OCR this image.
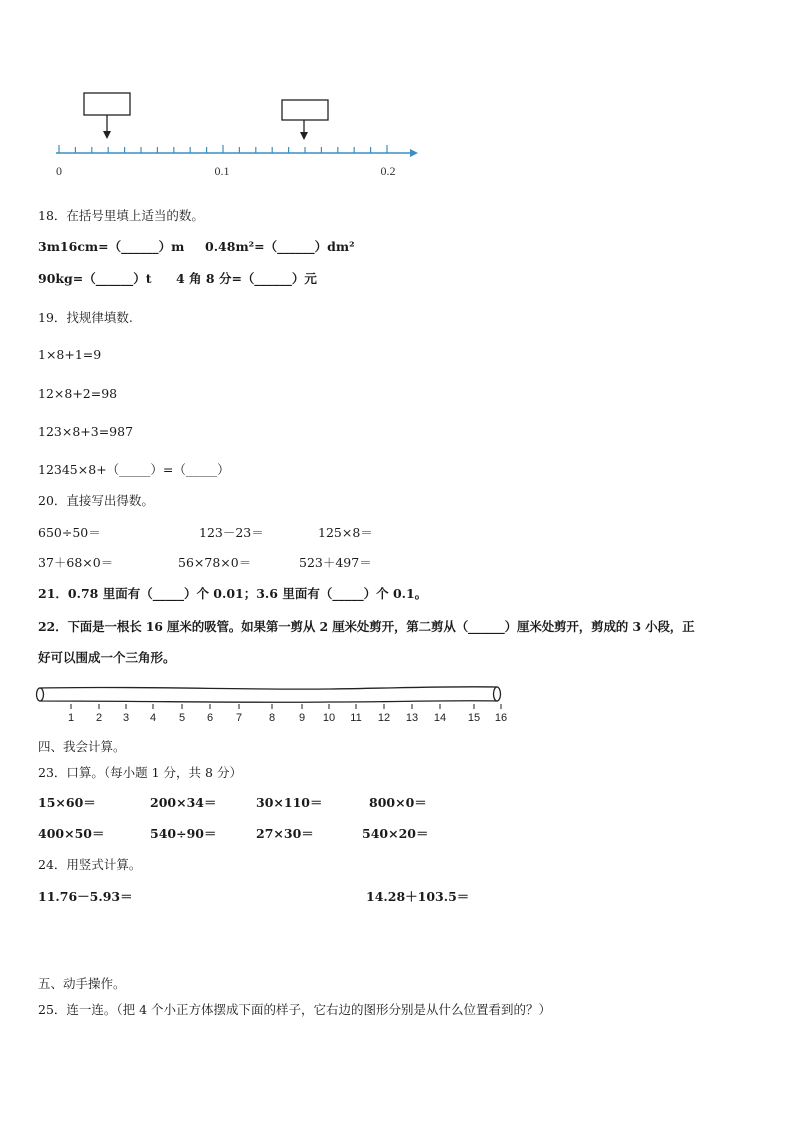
0	0.1	0.2
18．在括号里填上适当的数。
3m16cm=（______）m 0.48m²=（______）dm²
90kg=（______）t 4 角 8 分=（______）元
19．找规律填数.
1×8+1=9
12×8+2=98
123×8+3=987
12345×8+（_____）=（_____）
20．直接写出得数。
650÷50＝	123－23＝	125×8＝
37＋68×0＝	56×78×0＝	523＋497＝
21．0.78 里面有（_____）个 0.01；3.6 里面有（_____）个 0.1。
22．下面是一根长 16 厘米的吸管。如果第一剪从 2 厘米处剪开，第二剪从（______）厘米处剪开，剪成的 3 小段，正
好可以围成一个三角形。
1 2 3 4 5 6 7 8 9 10 11 12 13 14 15 16
四、我会计算。
23．口算。（每小题 1 分，共 8 分）
15×60＝	200×34＝	30×110＝	800×0＝
400×50＝	540÷90＝	27×30＝	540×20＝
24．用竖式计算。
11.76－5.93＝	14.28＋103.5＝
五、动手操作。
25．连一连。（把 4 个小正方体摆成下面的样子，它右边的图形分别是从什么位置看到的？）
